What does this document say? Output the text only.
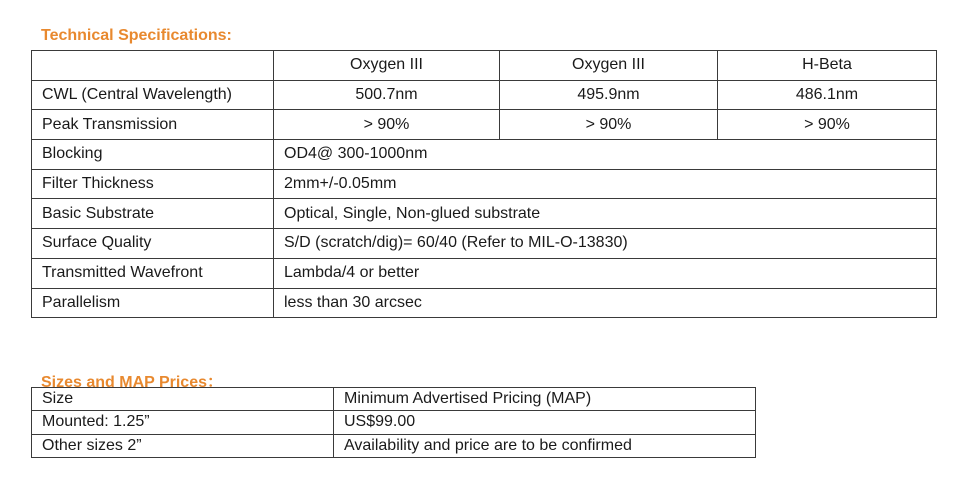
Technical Specifications:
	Oxygen III	Oxygen III	H-Beta
CWL (Central Wavelength)	500.7nm	495.9nm	486.1nm
Peak Transmission	> 90%	> 90%	> 90%
Blocking	OD4@ 300-1000nm		
Filter Thickness	2mm+/-0.05mm		
Basic Substrate	Optical, Single, Non-glued substrate		
Surface Quality	S/D (scratch/dig)= 60/40 (Refer to MIL-O-13830)		
Transmitted Wavefront	Lambda/4 or better		
Parallelism	less than 30 arcsec		
Sizes and MAP Prices：
Size	Minimum Advertised Pricing (MAP)
Mounted: 1.25”	US$99.00
Other sizes 2”	Availability and price are to be confirmed
